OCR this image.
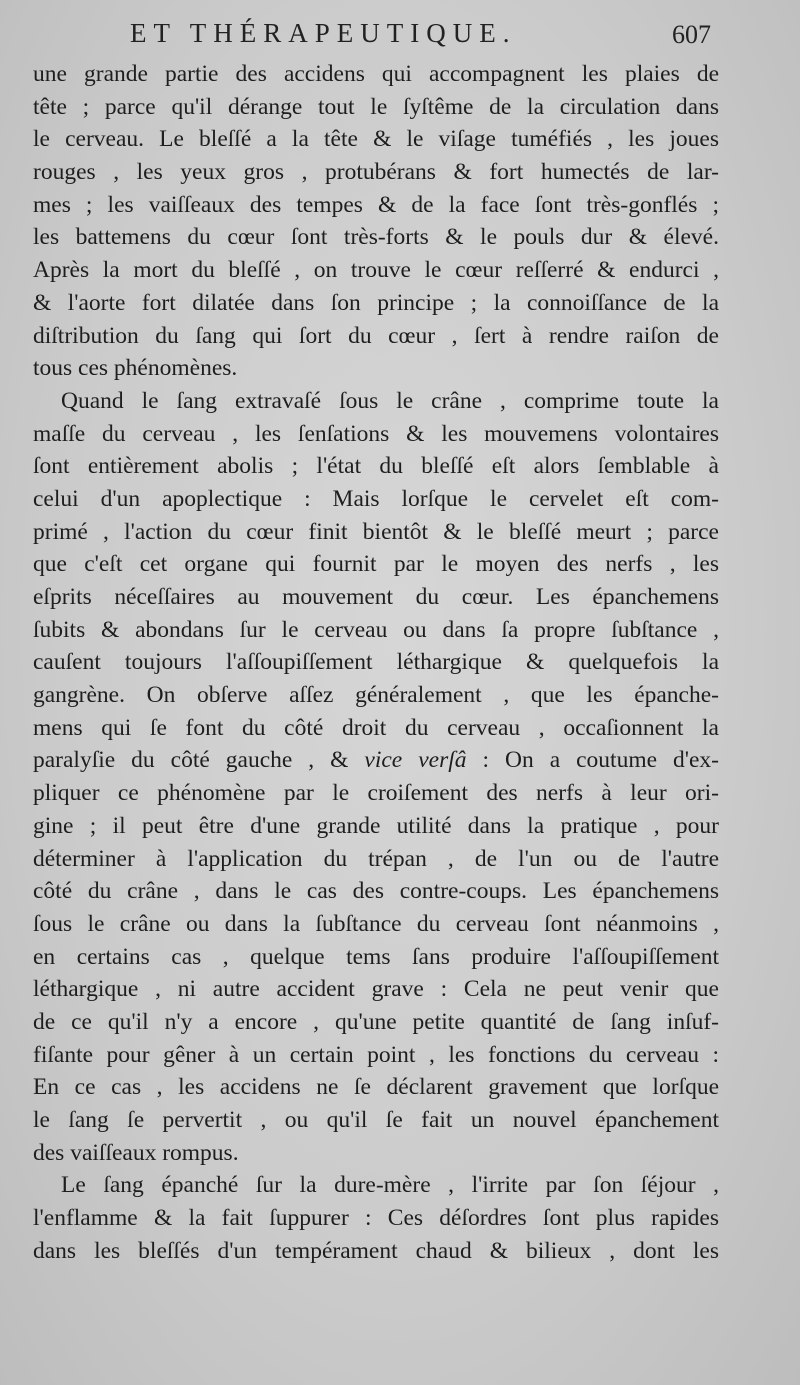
ET THÉRAPEUTIQUE.	607
une grande partie des accidens qui accompagnent les plaies de
tête ; parce qu'il dérange tout le ſyſtême de la circulation dans
le cerveau. Le bleſſé a la tête & le viſage tuméfiés , les joues
rouges , les yeux gros , protubérans & fort humectés de lar-
mes ; les vaiſſeaux des tempes & de la face ſont très-gonflés ;
les battemens du cœur ſont très-forts & le pouls dur & élevé.
Après la mort du bleſſé , on trouve le cœur reſſerré & endurci ,
& l'aorte fort dilatée dans ſon principe ; la connoiſſance de la
diſtribution du ſang qui ſort du cœur , ſert à rendre raiſon de
tous ces phénomènes.
Quand le ſang extravaſé ſous le crâne , comprime toute la
maſſe du cerveau , les ſenſations & les mouvemens volontaires
ſont entièrement abolis ; l'état du bleſſé eſt alors ſemblable à
celui d'un apoplectique : Mais lorſque le cervelet eſt com-
primé , l'action du cœur finit bientôt & le bleſſé meurt ; parce
que c'eſt cet organe qui fournit par le moyen des nerfs , les
eſprits néceſſaires au mouvement du cœur. Les épanchemens
ſubits & abondans ſur le cerveau ou dans ſa propre ſubſtance ,
cauſent toujours l'aſſoupiſſement léthargique & quelquefois la
gangrène. On obſerve aſſez généralement , que les épanche-
mens qui ſe font du côté droit du cerveau , occaſionnent la
paralyſie du côté gauche , & vice verſâ : On a coutume d'ex-
pliquer ce phénomène par le croiſement des nerfs à leur ori-
gine ; il peut être d'une grande utilité dans la pratique , pour
déterminer à l'application du trépan , de l'un ou de l'autre
côté du crâne , dans le cas des contre-coups. Les épanchemens
ſous le crâne ou dans la ſubſtance du cerveau ſont néanmoins ,
en certains cas , quelque tems ſans produire l'aſſoupiſſement
léthargique , ni autre accident grave : Cela ne peut venir que
de ce qu'il n'y a encore , qu'une petite quantité de ſang inſuf-
fiſante pour gêner à un certain point , les fonctions du cerveau :
En ce cas , les accidens ne ſe déclarent gravement que lorſque
le ſang ſe pervertit , ou qu'il ſe fait un nouvel épanchement
des vaiſſeaux rompus.
Le ſang épanché ſur la dure-mère , l'irrite par ſon ſéjour ,
l'enflamme & la fait ſuppurer : Ces déſordres ſont plus rapides
dans les bleſſés d'un tempérament chaud & bilieux , dont les
